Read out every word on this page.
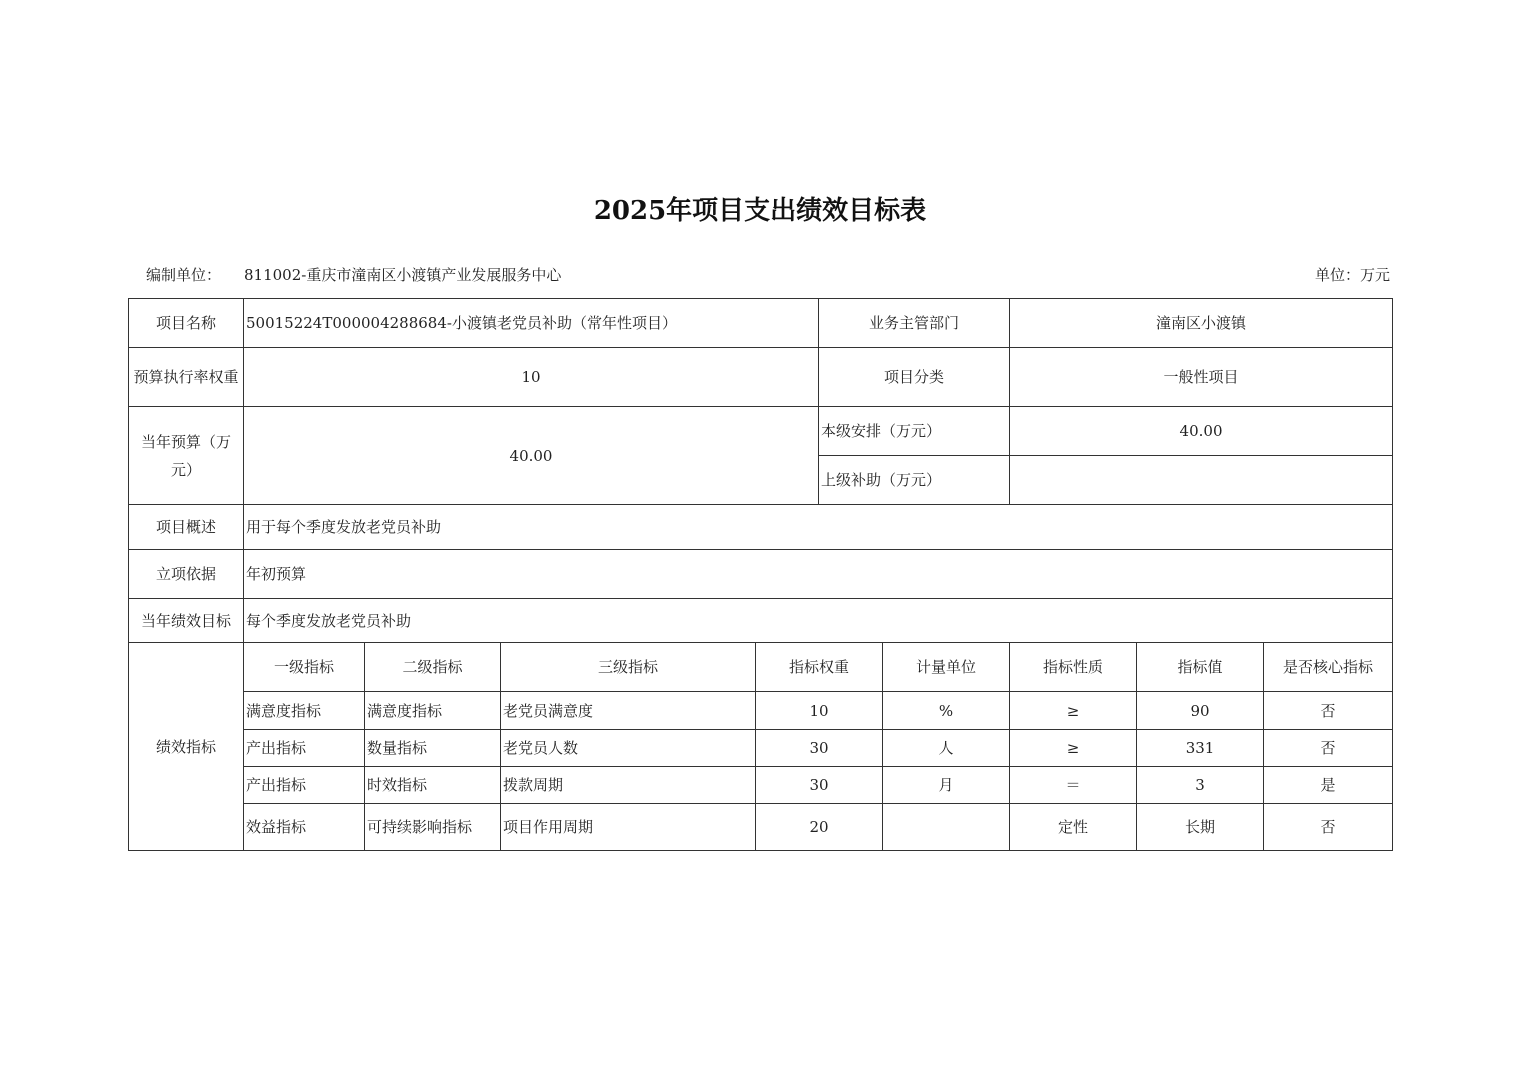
2025年项目支出绩效目标表
编制单位： 811002-重庆市潼南区小渡镇产业发展服务中心	单位：万元
项目名称	50015224T000004288684-小渡镇老党员补助（常年性项目）				业务主管部门		潼南区小渡镇		
预算执行率权重	10				项目分类		一般性项目		
当年预算（万元）	40.00				本级安排（万元）		40.00		
					上级补助（万元）				
项目概述	用于每个季度发放老党员补助								
立项依据	年初预算								
当年绩效目标	每个季度发放老党员补助								
绩效指标	一级指标	二级指标	三级指标	指标权重		计量单位	指标性质	指标值	是否核心指标
	满意度指标	满意度指标	老党员满意度	10		%	≥	90	否
	产出指标	数量指标	老党员人数	30		人	≥	331	否
	产出指标	时效指标	拨款周期	30		月	＝	3	是
	效益指标	可持续影响指标	项目作用周期	20			定性	长期	否
